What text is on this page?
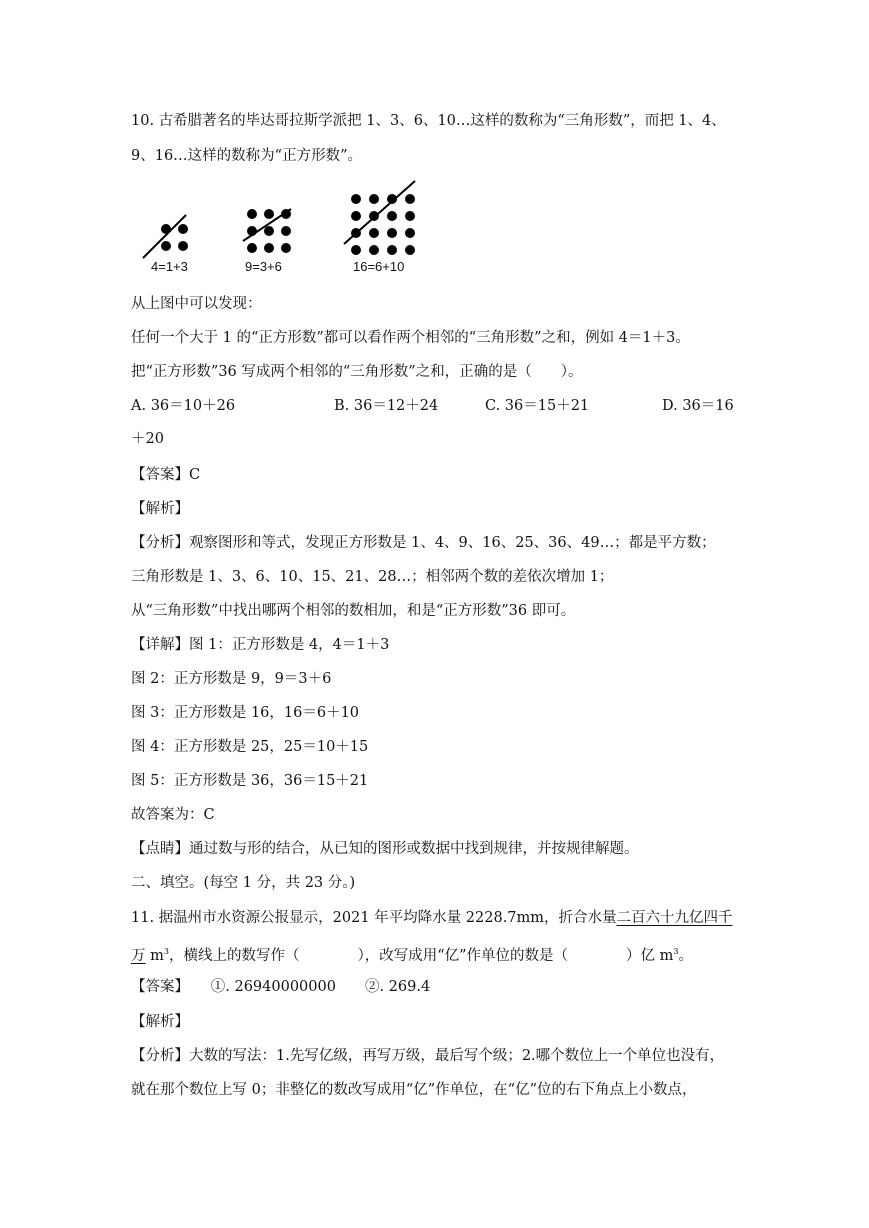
10. 古希腊著名的毕达哥拉斯学派把 1、3、6、10…这样的数称为“三角形数”，而把 1、4、
9、16…这样的数称为“正方形数”。
4=1+3	9=3+6	16=6+10
从上图中可以发现：
任何一个大于 1 的“正方形数”都可以看作两个相邻的“三角形数”之和，例如 4＝1＋3。
把“正方形数”36 写成两个相邻的“三角形数”之和，正确的是（　　）。
A. 36＝10＋26	B. 36＝12＋24	C. 36＝15＋21	D. 36＝16
＋20
【答案】C
【解析】
【分析】观察图形和等式，发现正方形数是 1、4、9、16、25、36、49…；都是平方数；
三角形数是 1、3、6、10、15、21、28…；相邻两个数的差依次增加 1；
从“三角形数”中找出哪两个相邻的数相加，和是“正方形数”36 即可。
【详解】图 1：正方形数是 4，4＝1＋3
图 2：正方形数是 9，9＝3＋6
图 3：正方形数是 16，16＝6＋10
图 4：正方形数是 25，25＝10＋15
图 5：正方形数是 36，36＝15＋21
故答案为：C
【点睛】通过数与形的结合，从已知的图形或数据中找到规律，并按规律解题。
二、填空。(每空 1 分，共 23 分。)
11. 据温州市水资源公报显示，2021 年平均降水量 2228.7mm，折合水量二百六十九亿四千
万 $m^3$，横线上的数写作（　　　　），改写成用“亿”作单位的数是（　　　　）亿 $m^3$。
【答案】　　①. 26940000000　　②. 269.4
【解析】
【分析】大数的写法：1.先写亿级，再写万级，最后写个级；2.哪个数位上一个单位也没有，
就在那个数位上写 0；非整亿的数改写成用“亿”作单位，在“亿”位的右下角点上小数点，
